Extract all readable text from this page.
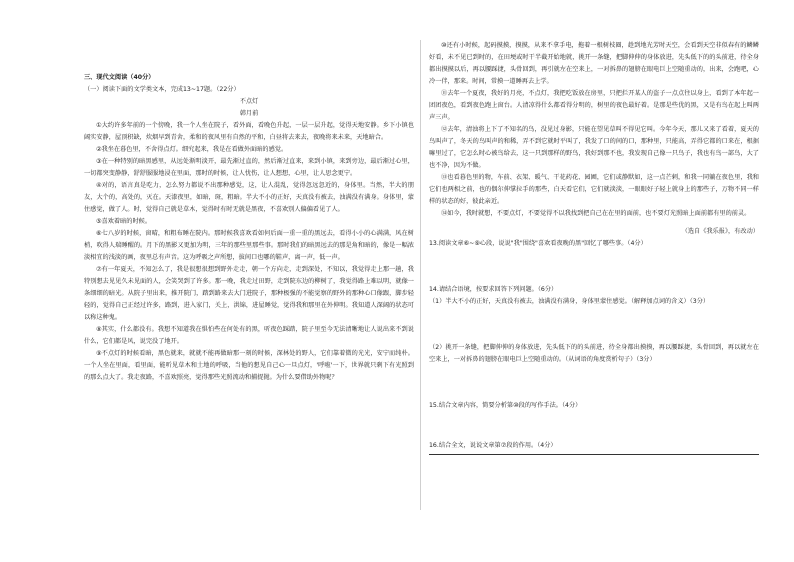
三、现代文阅读（40分）

（一）阅读下面的文学类文本，完成13~17题。（22分）

不点灯

韩月前

①大约许多年前的一个傍晚，我一个人坐在院子，看外面，看晚色升起，一层一层升起，觉得天地安静。乡下小镇也阔实安静，屋顶积缺，炊烟早到青舍，柔和的夜风里有自然的平和，白昼将去来去，夜晚将来未来，天地暗合。

②我坐在暮色里，不舍得点灯。细究起来，我是在看做外面暗的感觉。

③在一种特别的暗黑感里，从远处渐明淡开，最先渐过直的，然后渐过直来，来到小镇，来到旁边，最后渐过心里，一切都突变静静，舒舒服服地浸在里面，那时的时候，让人忧伤，让人想想，心里，让人思念更宁。

④对的，语言真是吃力，怎么努力都说不出那种感觉，这，让人混乱，觉得忽远忽近的，身体里。当然，半大的朋友，大个的，高处的，灭在。天漆夜里，如暗，斑，粗暗。半大不小的正好，天真没有被去，浊满没有满身。身体里，蒙住感觉，做了人。时，觉得自己就是草木，觉得时有时无就是黑夜，不喜欢别人偏偏看见了人。

⑤喜欢着暗的时候。

⑥七八岁的时候，窗晴，和粗布睡在院内。那时候我喜欢看如何后面一重一重的黑远去，看得小小的心满满，风在树梢，吹得人瑞睡醒的。月下的黑影又更加为明，三年的那些里那些事。那时我们的暗黑远去的那是角和暗的，像是一幅浓淡相宜的浅淡的画，夜里总有声音。这为呼吸之声所想，拔间口也哪的鞋声，离一声，低一声。

⑦有一年夏天，不知怎么了，我是很想很想到野外走走，朝一个方向走，走到深处，不知以，我觉得走上那一趟，我特别想去见见久未见面的人，会笑哭到了许多。那一晚，我走过田野，走到院东边的柳树了，我觉得路上难以明，就像一条细细的暗光。从院子里出来，推开院门，踏到路来去大门进院子，那种极强的不能觉察的野外的那种心口像跟，脚步轻轻的，觉得自己正经过许多，路到，进入家门，关上，洪锦，进屋睡觉，觉得我和那里在外伸明。我知道人深阔的状态可以称这种鬼。

⑧其实，什么都没有。我想不知道我在惧怕些在何处有的黑，听夜色踩踏，院子里至今无法清晰地让人说出来不到说什么，它们都是风，说完没了地开。

⑨不点灯的时候看暗，黑色就来，就就不能再做暗那一刻的时候，深林处的野人，它们靠着微的光光，安宁而纯朴。一个人坐在里面，看里面，能听见草木和土地的呼吸，当他的想见自己心一旦点灯，'呼啦'一下，世界就只剩下有光照到的那么点大了。我走夜路，不喜欢照亮，觉得那些光照流动和捕捉抛。为什么要借助外物呢？

⑩还有小时候，起码摸摸，摸摸，从来不拿手电，拖着一根树枝圈，趁到地光芳时天空，会看到天空非似春有的鳞鳞好看，未不见已到时的，在田埂或时干半截开始地就，挑开一条缝，把脚伸伸的身体放进，先头低下的的头前进，待全身都出摸摸以后，再以腰踩捷，头骨回到，再引就左在空来上，一对拆鼻的翅膀在眼电巨上空随重动的，出来，会跑吧，心冷一伴，那来。时间，常摸一道睡再去上学。

⑪去年一个夏夜，我好的月亮，不点灯，我把吃饭放在房里，只把拦开某人的盗子一点点往以身上，看到了本年起一团团夜色，看到夜色跑上窗台。人清凉得什么都看得分明的，树里的夜色最好着。是那是些优的黑，又是有鸟在起上叫两声三声。

⑫去年，清浊将上下了不知名的鸟，没见过身影，只能在望见草叫不得见它叫。今年今天，那儿又来了看着，夏天的鸟叫声了，冬天的鸟叫声的和稀，弄不到它就时平叫了，我发了口的间的口，那种里，只能高，弄得它都的口来在，根据嘛里过了，它怎么时心被鸟给去，这一只到那样的野鸟，我好到那不也，我发现自己像一只鸟子，我也有鸟一部鸟，大了也不净，因为不做。

⑬也看暮色里的物，车前、衣架、暖气、干花药花、园圃，它们或静默如，这一点芒刺，和我一同躺在夜色里，我和它们也两相之前，也的偶尔伸掌拉手的那些，白天看它们，它们就淡淡，一眼眼好子轻上就身上的那些子，万物不同一样样的状态的好，彼此亲近。

⑭如今，我时就想，不要点灯，不要觉得不以我找到把自己在在里的面前，也不要灯光照暗上面前都有里的前灵。

（选自《我乐报》，有改动）

13.阅读文章⑥~⑨心段，说说"我"围绕"喜欢看夜晚的黑"回忆了哪些事。（4分）

14.请结合语境，按要求回答下列问题。（6分）

（1）半大不小的正好，天真没有被去，浊满没有满身，身体里蒙住感觉。（解释加点词的含义）（3分）

（2）挑开一条缝，把脚伸伸的身体放进，先头低下的的头前进，待全身都出摸摸，再以腰踩捷，头骨回到，再以就左在空来上，一对拆鼻的翅膀在眼电巨上空随重动的。（从词语的角度赏析句子）（3分）

15.结合文章内容，简要分析第⑩段的写作手法。（4分）

16.结合全文，说说文章第⑦段的作用。（4分）
